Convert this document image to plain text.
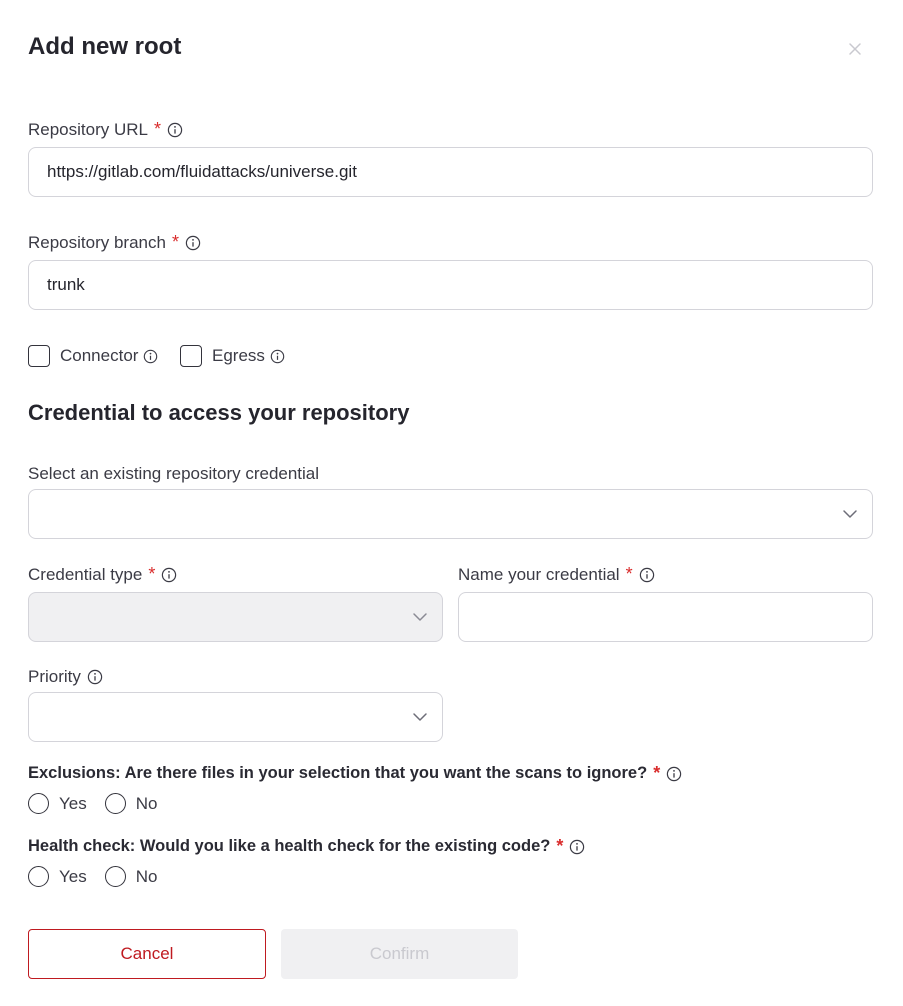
Add new root
Repository URL *
https://gitlab.com/fluidattacks/universe.git
Repository branch *
trunk
Connector	Egress
Credential to access your repository
Select an existing repository credential
Credential type *	Name your credential *
Priority
Exclusions: Are there files in your selection that you want the scans to ignore? *
Yes	No
Health check: Would you like a health check for the existing code? *
Yes	No
Cancel	Confirm
